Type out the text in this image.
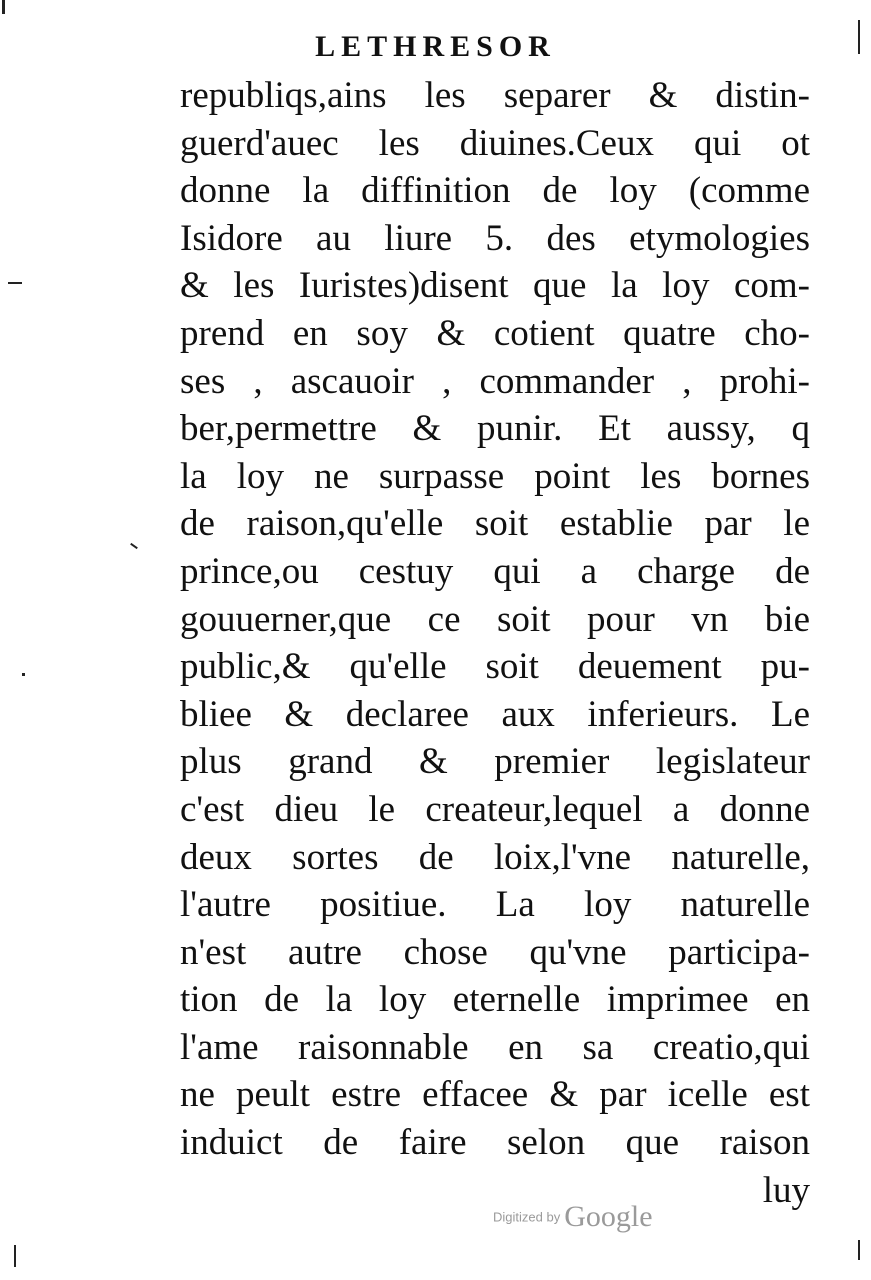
LETHRESOR
republiqs,ains les separer & distin-
guerd'auec les diuines.Ceux qui ot
donne la diffinition de loy (comme
Isidore au liure 5. des etymologies
& les Iuristes)disent que la loy com-
prend en soy & cotient quatre cho-
ses , ascauoir , commander , prohi-
ber,permettre & punir. Et aussy, q
la loy ne surpasse point les bornes
de raison,qu'elle soit establie par le
prince,ou cestuy qui a charge de
gouuerner,que ce soit pour vn bie
public,& qu'elle soit deuement pu-
bliee & declaree aux inferieurs. Le
plus grand & premier legislateur
c'est dieu le createur,lequel a donne
deux sortes de loix,l'vne naturelle,
l'autre positiue. La loy naturelle
n'est autre chose qu'vne participa-
tion de la loy eternelle imprimee en
l'ame raisonnable en sa creatio,qui
ne peult estre effacee & par icelle est
induict de faire selon que raison
luy
Digitized by Google
